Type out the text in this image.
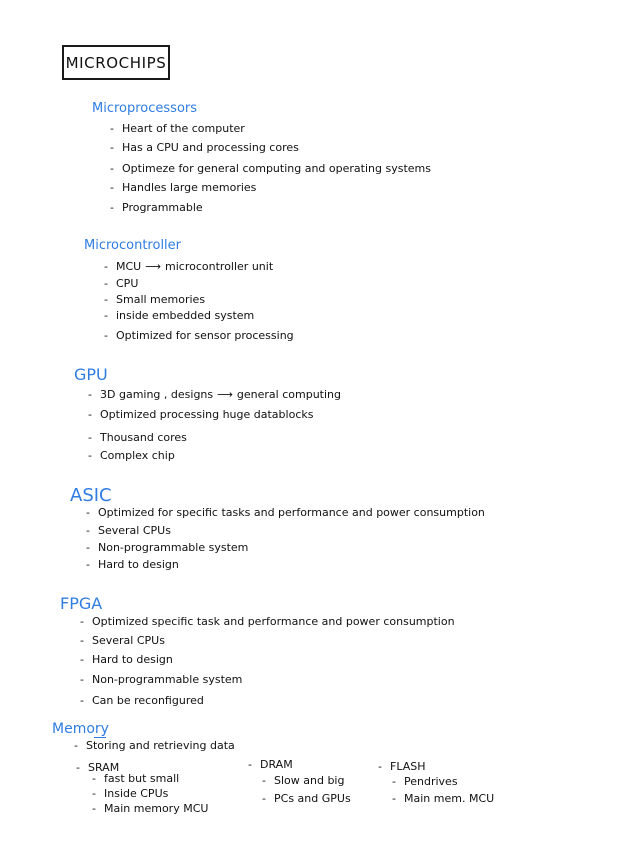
MICROCHIPS
Microprocessors
- Heart of the computer
- Has a CPU and processing cores
- Optimeze for general computing and operating systems
- Handles large memories
- Programmable
Microcontroller
- MCU ⟶ microcontroller unit
- CPU
- Small memories
- inside embedded system
- Optimized for sensor processing
GPU
- 3D gaming , designs ⟶ general computing
- Optimized processing huge datablocks
- Thousand cores
- Complex chip
ASIC
- Optimized for specific tasks and performance and power consumption
- Several CPUs
- Non-programmable system
- Hard to design
FPGA
- Optimized specific task and performance and power consumption
- Several CPUs
- Hard to design
- Non-programmable system
- Can be reconfigured
Memory
- Storing and retrieving data
- SRAM
- fast but small
- Inside CPUs
- Main memory MCU
- DRAM
- Slow and big
- PCs and GPUs
- FLASH
- Pendrives
- Main mem. MCU
